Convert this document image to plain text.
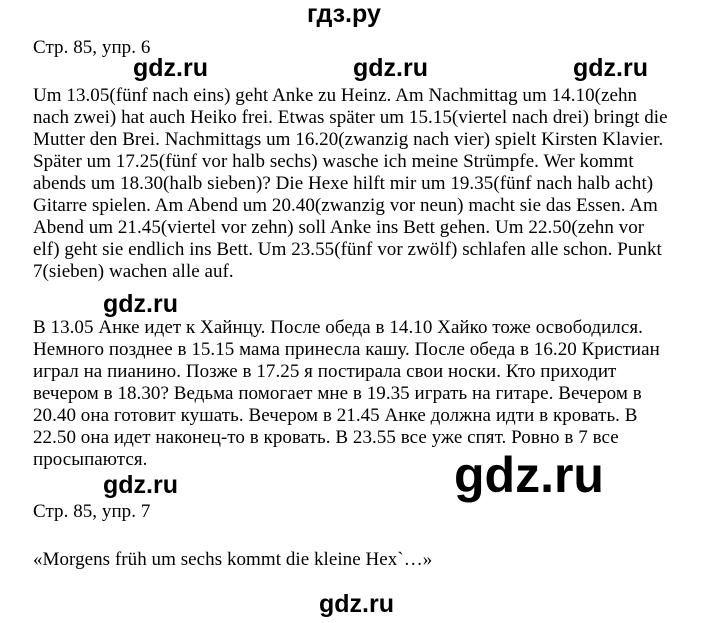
гдз.ру
Стр. 85, упр. 6
gdz.ru	gdz.ru	gdz.ru
Um 13.05(fünf nach eins) geht Anke zu Heinz. Am Nachmittag um 14.10(zehn
nach zwei) hat auch Heiko frei. Etwas später um 15.15(viertel nach drei) bringt die
Mutter den Brei. Nachmittags um 16.20(zwanzig nach vier) spielt Kirsten Klavier.
Später um 17.25(fünf vor halb sechs) wasche ich meine Strümpfe. Wer kommt
abends um 18.30(halb sieben)? Die Hexe hilft mir um 19.35(fünf nach halb acht)
Gitarre spielen. Am Abend um 20.40(zwanzig vor neun) macht sie das Essen. Am
Abend um 21.45(viertel vor zehn) soll Anke ins Bett gehen. Um 22.50(zehn vor
elf) geht sie endlich ins Bett. Um 23.55(fünf vor zwölf) schlafen alle schon. Punkt
7(sieben) wachen alle auf.
gdz.ru
В 13.05 Анке идет к Хайнцу. После обеда в 14.10 Хайко тоже освободился.
Немного позднее в 15.15 мама принесла кашу. После обеда в 16.20 Кристиан
играл на пианино. Позже в 17.25 я постирала свои носки. Кто приходит
вечером в 18.30? Ведьма помогает мне в 19.35 играть на гитаре. Вечером в
20.40 она готовит кушать. Вечером в 21.45 Анке должна идти в кровать. В
22.50 она идет наконец-то в кровать. В 23.55 все уже спят. Ровно в 7 все
просыпаются.	gdz.ru
gdz.ru
Стр. 85, упр. 7
«Morgens früh um sechs kommt die kleine Hex`…»
gdz.ru
